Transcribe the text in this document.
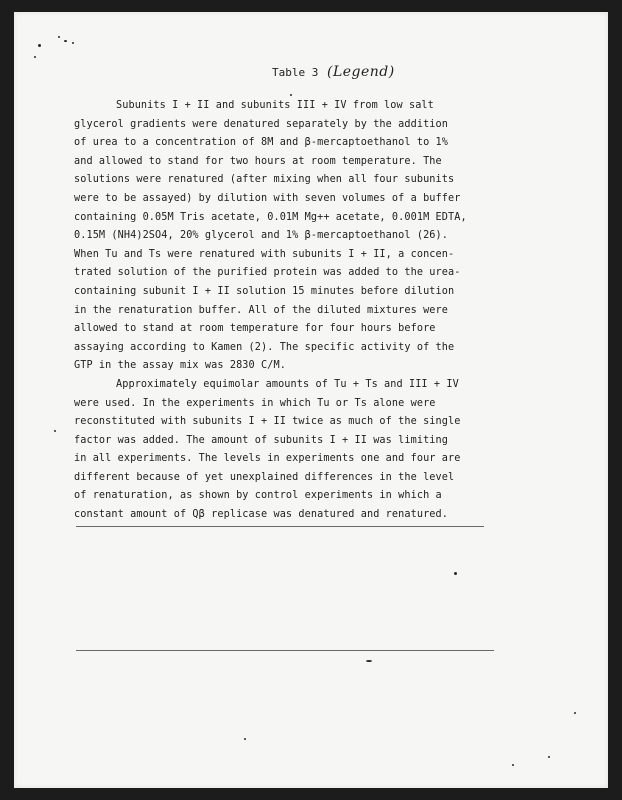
Table 3 (Legend)
Subunits I + II and subunits III + IV from low salt
glycerol gradients were denatured separately by the addition
of urea to a concentration of 8M and β-mercaptoethanol to 1%
and allowed to stand for two hours at room temperature. The
solutions were renatured (after mixing when all four subunits
were to be assayed) by dilution with seven volumes of a buffer
containing 0.05M Tris acetate, 0.01M Mg++ acetate, 0.001M EDTA,
0.15M (NH4)2SO4, 20% glycerol and 1% β-mercaptoethanol (26).
When Tu and Ts were renatured with subunits I + II, a concen-
trated solution of the purified protein was added to the urea-
containing subunit I + II solution 15 minutes before dilution
in the renaturation buffer. All of the diluted mixtures were
allowed to stand at room temperature for four hours before
assaying according to Kamen (2). The specific activity of the
GTP in the assay mix was 2830 C/M.
Approximately equimolar amounts of Tu + Ts and III + IV
were used. In the experiments in which Tu or Ts alone were
reconstituted with subunits I + II twice as much of the single
factor was added. The amount of subunits I + II was limiting
in all experiments. The levels in experiments one and four are
different because of yet unexplained differences in the level
of renaturation, as shown by control experiments in which a
constant amount of Qβ replicase was denatured and renatured.
